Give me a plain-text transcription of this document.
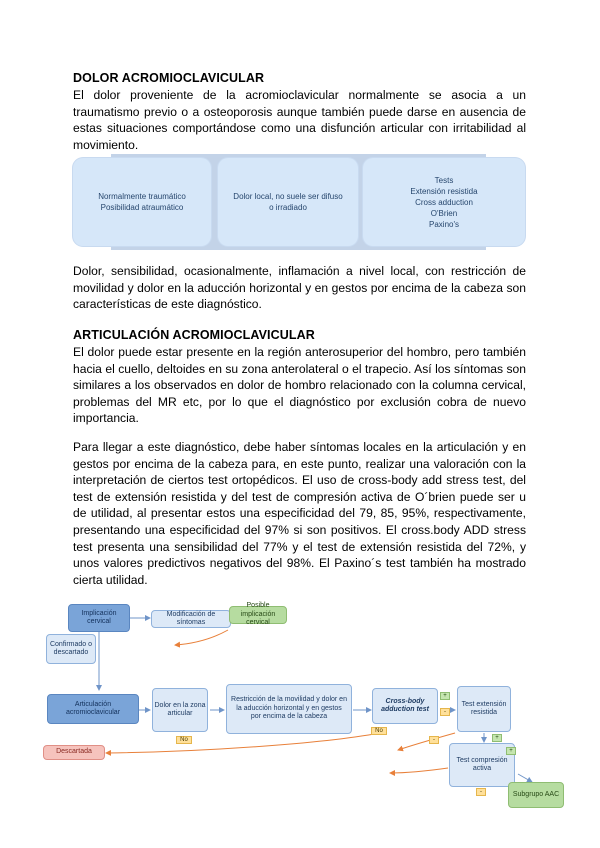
DOLOR ACROMIOCLAVICULAR
El dolor proveniente de la acromioclavicular normalmente se asocia a un traumatismo previo o a osteoporosis aunque también puede darse en ausencia de estas situaciones comportándose como una disfunción articular con irritabilidad al movimiento.
Normalmente traumático
Posibilidad atraumático
Dolor local, no suele ser difuso
o irradiado
Tests
Extensión resistida
Cross adduction
O'Brien
Paxino's
Dolor, sensibilidad, ocasionalmente, inflamación a nivel local, con restricción de movilidad y dolor en la aducción horizontal y en gestos por encima de la cabeza son características de este diagnóstico.
ARTICULACIÓN ACROMIOCLAVICULAR
El dolor puede estar presente en la región anterosuperior del hombro, pero también hacia el cuello, deltoides en su zona anterolateral o el trapecio. Así los síntomas son similares a los observados en dolor de hombro relacionado con la columna cervical, problemas del MR etc, por lo que el diagnóstico por exclusión cobra de nuevo importancia.
Para llegar a este diagnóstico, debe haber síntomas locales en la articulación y en gestos por encima de la cabeza para, en este punto, realizar una valoración con la interpretación de ciertos test ortopédicos. El uso de cross-body add stress test, del test de extensión resistida y del test de compresión activa de O´brien puede ser u de utilidad, al presentar estos una especificidad del 79, 85, 95%, respectivamente, presentando una especificidad del 97% si son positivos. El cross.body ADD stress test presenta una sensibilidad del 77% y el test de extensión resistida del 72%, y unos valores predictivos negativos del 98%. El Paxino´s test también ha mostrado cierta utilidad.
Implicación cervical
Modificación de síntomas
Posible implicación cervical
Confirmado o descartado
Articulación acromioclavicular
Dolor en la zona articular
Restricción de la movilidad y dolor en la aducción horizontal y en gestos por encima de la cabeza
Cross-body adduction test
Test extensión resistida
Test compresión activa
Descartada
Subgrupo AAC
No
No
+
-
-	+
+
-
